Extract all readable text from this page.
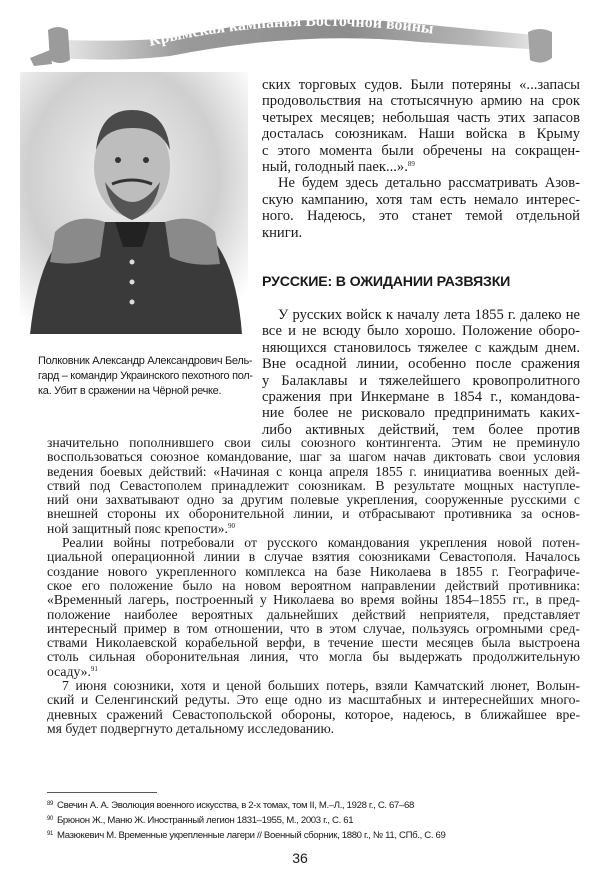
Крымская кампания Восточной войны
Полковник Александр Александрович Бель-
гард – командир Украинского пехотного пол-
ка. Убит в сражении на Чёрной речке.
ских торговых судов. Были потеряны «...запасы
продовольствия на стотысячную армию на срок
четырех месяцев; небольшая часть этих запасов
досталась союзникам. Наши войска в Крыму
с этого момента были обречены на сокращен-
ный, голодный паек...».$^{89}$
Не будем здесь детально рассматривать Азов-
скую кампанию, хотя там есть немало интерес-
ного. Надеюсь, это станет темой отдельной
книги.
РУССКИЕ: В ОЖИДАНИИ РАЗВЯЗКИ
У русских войск к началу лета 1855 г. далеко не
все и не всюду было хорошо. Положение оборо-
няющихся становилось тяжелее с каждым днем.
Вне осадной линии, особенно после сражения
у Балаклавы и тяжелейшего кровопролитного
сражения при Инкермане в 1854 г., командова-
ние более не рисковало предпринимать каких-
либо активных действий, тем более против
значительно пополнившего свои силы союзного контингента. Этим не преминуло
воспользоваться союзное командование, шаг за шагом начав диктовать свои условия
ведения боевых действий: «Начиная с конца апреля 1855 г. инициатива военных дей-
ствий под Севастополем принадлежит союзникам. В результате мощных наступле-
ний они захватывают одно за другим полевые укрепления, сооруженные русскими с
внешней стороны их оборонительной линии, и отбрасывают противника за основ-
ной защитный пояс крепости».$^{90}$
Реалии войны потребовали от русского командования укрепления новой потен-
циальной операционной линии в случае взятия союзниками Севастополя. Началось
создание нового укрепленного комплекса на базе Николаева в 1855 г. Географиче-
ское его положение было на новом вероятном направлении действий противника:
«Временный лагерь, построенный у Николаева во время войны 1854–1855 гг., в пред-
положение наиболее вероятных дальнейших действий неприятеля, представляет
интересный пример в том отношении, что в этом случае, пользуясь огромными сред-
ствами Николаевской корабельной верфи, в течение шести месяцев была выстроена
столь сильная оборонительная линия, что могла бы выдержать продолжительную
осаду».$^{91}$
7 июня союзники, хотя и ценой больших потерь, взяли Камчатский люнет, Волын-
ский и Селенгинский редуты. Это еще одно из масштабных и интереснейших много-
дневных сражений Севастопольской обороны, которое, надеюсь, в ближайшее вре-
мя будет подвергнуто детальному исследованию.
$^{89}$ Свечин А. А. Эволюция военного искусства, в 2-х томах, том II, М.–Л., 1928 г., С. 67–68
$^{90}$ Брюнон Ж., Маню Ж. Иностранный легион 1831–1955, М., 2003 г., С. 61
$^{91}$ Мазюкевич М. Временные укрепленные лагери // Военный сборник, 1880 г., № 11, СПб., С. 69
36
